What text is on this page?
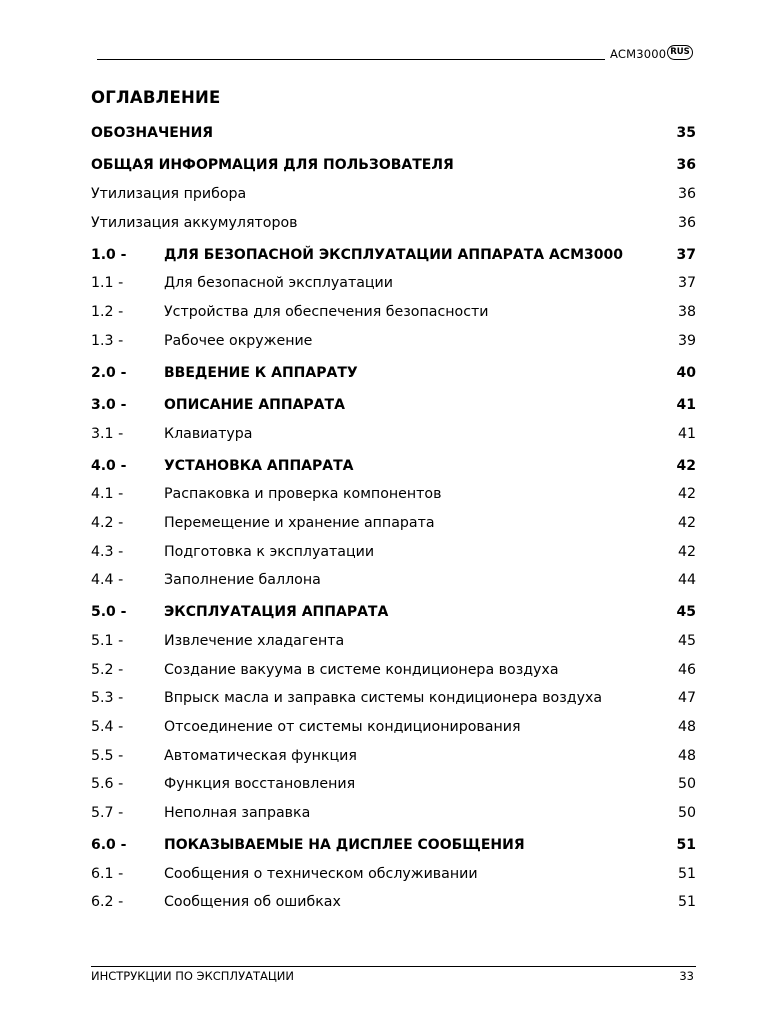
ACM3000 RUS
ОГЛАВЛЕНИЕ
ОБОЗНАЧЕНИЯ	35
ОБЩАЯ ИНФОРМАЦИЯ ДЛЯ ПОЛЬЗОВАТЕЛЯ	36
Утилизация прибора	36
Утилизация аккумуляторов	36
1.0 -	ДЛЯ БЕЗОПАСНОЙ ЭКСПЛУАТАЦИИ АППАРАТА ACM3000	37
1.1 -	Для безопасной эксплуатации	37
1.2 -	Устройства для обеспечения безопасности	38
1.3 -	Рабочее окружение	39
2.0 -	ВВЕДЕНИЕ К АППАРАТУ	40
3.0 -	ОПИСАНИЕ АППАРАТА	41
3.1 -	Клавиатура	41
4.0 -	УСТАНОВКА АППАРАТА	42
4.1 -	Распаковка и проверка компонентов	42
4.2 -	Перемещение и хранение аппарата	42
4.3 -	Подготовка к эксплуатации	42
4.4 -	Заполнение баллона	44
5.0 -	ЭКСПЛУАТАЦИЯ АППАРАТА	45
5.1 -	Извлечение хладагента	45
5.2 -	Создание вакуума в системе кондиционера воздуха	46
5.3 -	Впрыск масла и заправка системы кондиционера воздуха	47
5.4 -	Отсоединение от системы кондиционирования	48
5.5 -	Автоматическая функция	48
5.6 -	Функция восстановления	50
5.7 -	Неполная заправка	50
6.0 -	ПОКАЗЫВАЕМЫЕ НА ДИСПЛЕЕ СООБЩЕНИЯ	51
6.1 -	Сообщения о техническом обслуживании	51
6.2 -	Сообщения об ошибках	51
ИНСТРУКЦИИ ПО ЭКСПЛУАТАЦИИ	33
